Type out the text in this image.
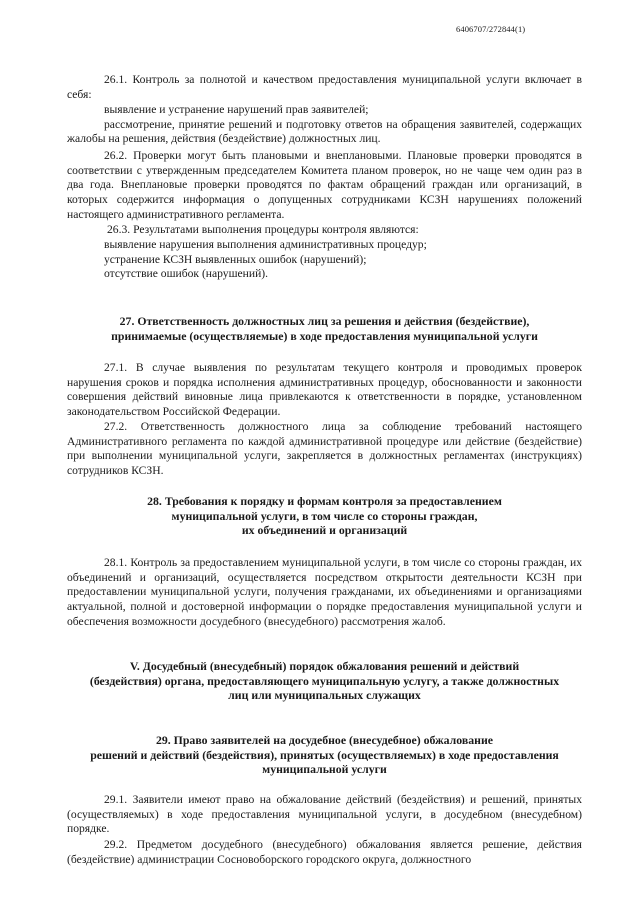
6406707/272844(1)

26.1. Контроль за полнотой и качеством предоставления муниципальной услуги включает в себя:

выявление и устранение нарушений прав заявителей;
рассмотрение, принятие решений и подготовку ответов на обращения заявителей, содержащих жалобы на решения, действия (бездействие) должностных лиц.

26.2. Проверки могут быть плановыми и внеплановыми. Плановые проверки проводятся в соответствии с утвержденным председателем Комитета планом проверок, но не чаще чем один раз в два года. Внеплановые проверки проводятся по фактам обращений граждан или организаций, в которых содержится информация о допущенных сотрудниками КСЗН нарушениях положений настоящего административного регламента.

26.3. Результатами выполнения процедуры контроля являются:

выявление нарушения выполнения административных процедур;
устранение КСЗН выявленных ошибок (нарушений);
отсутствие ошибок (нарушений).
27. Ответственность должностных лиц за решения и действия (бездействие),
принимаемые (осуществляемые) в ходе предоставления муниципальной услуги

27.1. В случае выявления по результатам текущего контроля и проводимых проверок нарушения сроков и порядка исполнения административных процедур, обоснованности и законности совершения действий виновные лица привлекаются к ответственности в порядке, установленном законодательством Российской Федерации.

27.2. Ответственность должностного лица за соблюдение требований настоящего Административного регламента по каждой административной процедуре или действие (бездействие) при выполнении муниципальной услуги, закрепляется в должностных регламентах (инструкциях) сотрудников КСЗН.

28. Требования к порядку и формам контроля за предоставлением
муниципальной услуги, в том числе со стороны граждан,
их объединений и организаций

28.1. Контроль за предоставлением муниципальной услуги, в том числе со стороны граждан, их объединений и организаций, осуществляется посредством открытости деятельности КСЗН при предоставлении муниципальной услуги, получения гражданами, их объединениями и организациями актуальной, полной и достоверной информации о порядке предоставления муниципальной услуги и обеспечения возможности досудебного (внесудебного) рассмотрения жалоб.

V. Досудебный (внесудебный) порядок обжалования решений и действий
(бездействия) органа, предоставляющего муниципальную услугу, а также должностных
лиц или муниципальных служащих
29. Право заявителей на досудебное (внесудебное) обжалование
решений и действий (бездействия), принятых (осуществляемых) в ходе предоставления
муниципальной услуги

29.1. Заявители имеют право на обжалование действий (бездействия) и решений, принятых (осуществляемых) в ходе предоставления муниципальной услуги, в досудебном (внесудебном) порядке.

29.2. Предметом досудебного (внесудебного) обжалования является решение, действия (бездействие) администрации Сосновоборского городского округа, должностного
